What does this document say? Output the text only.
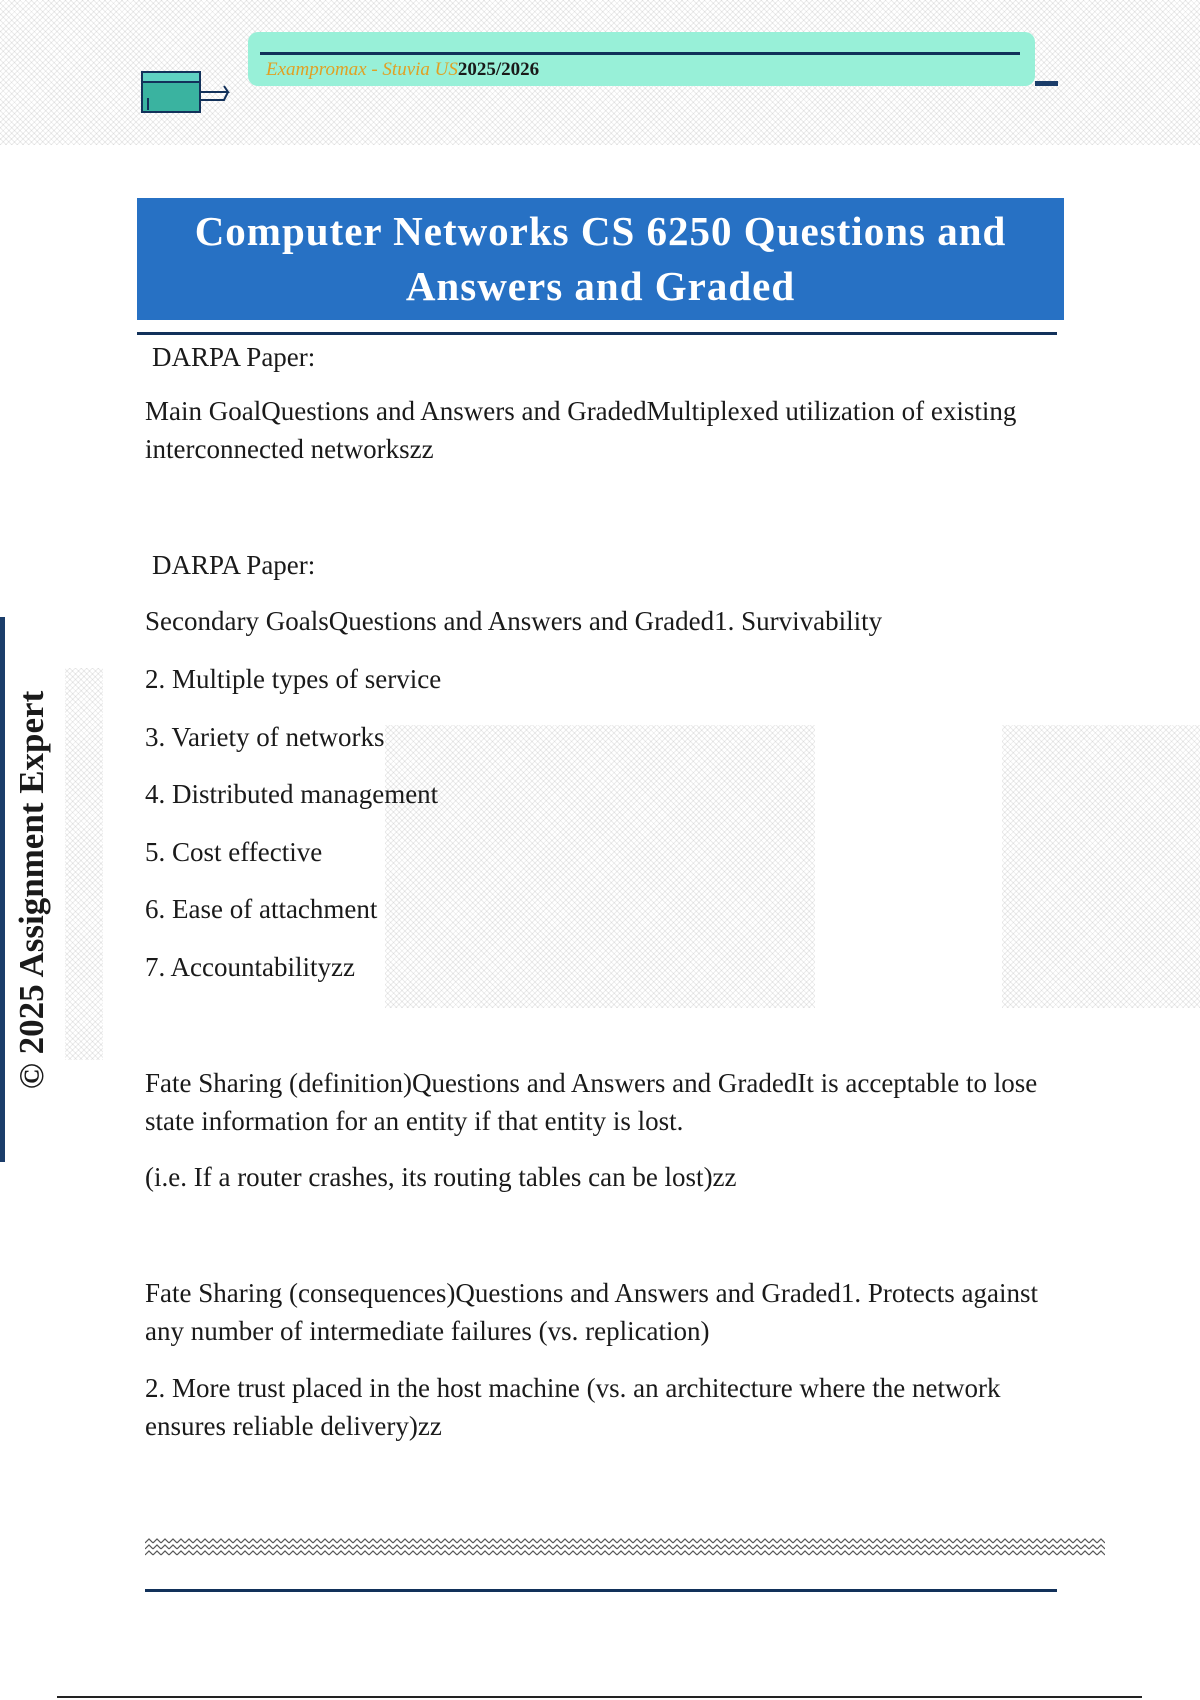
Exampromax - Stuvia US2025/2026
Computer Networks CS 6250 Questions and Answers and Graded
© 2025 Assignment Expert

DARPA Paper:

Main GoalQuestions and Answers and GradedMultiplexed utilization of existing interconnected networkszz

DARPA Paper:

Secondary GoalsQuestions and Answers and Graded1. Survivability

2. Multiple types of service

3. Variety of networks

4. Distributed management

5. Cost effective

6. Ease of attachment

7. Accountabilityzz

Fate Sharing (definition)Questions and Answers and GradedIt is acceptable to lose state information for an entity if that entity is lost.

(i.e. If a router crashes, its routing tables can be lost)zz

Fate Sharing (consequences)Questions and Answers and Graded1. Protects against any number of intermediate failures (vs. replication)

2. More trust placed in the host machine (vs. an architecture where the network ensures reliable delivery)zz
